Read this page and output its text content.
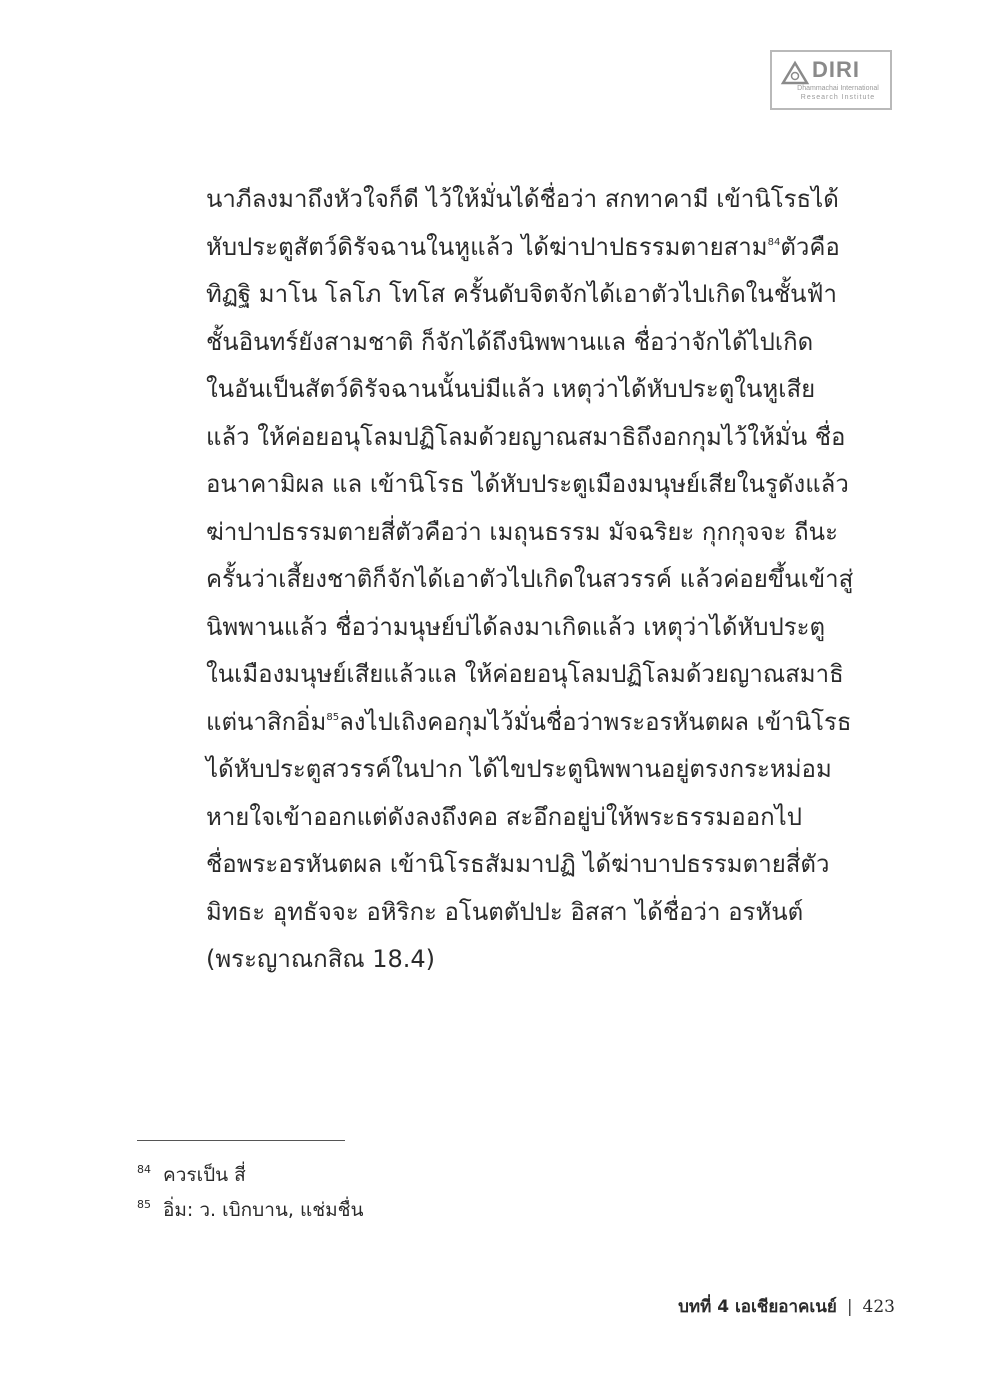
DIRI
Dhammachai International
Research Institute
นาภีลงมาถึงหัวใจก็ดี ไว้ให้มั่นได้ชื่อว่า สกทาคามี เข้านิโรธได้
หับประตูสัตว์ดิรัจฉานในหูแล้ว ได้ฆ่าปาปธรรมตายสาม$^{84}$ตัวคือ
ทิฏฐิ มาโน โลโภ โทโส ครั้นดับจิตจักได้เอาตัวไปเกิดในชั้นฟ้า
ชั้นอินทร์ยังสามชาติ ก็จักได้ถึงนิพพานแล ชื่อว่าจักได้ไปเกิด
ในอันเป็นสัตว์ดิรัจฉานนั้นบ่มีแล้ว เหตุว่าได้หับประตูในหูเสีย
แล้ว ให้ค่อยอนุโลมปฏิโลมด้วยญาณสมาธิถึงอกกุมไว้ให้มั่น ชื่อ
อนาคามิผล แล เข้านิโรธ ได้หับประตูเมืองมนุษย์เสียในรูดังแล้ว
ฆ่าปาปธรรมตายสี่ตัวคือว่า เมถุนธรรม มัจฉริยะ กุกกุจจะ ถีนะ
ครั้นว่าเสี้ยงชาติก็จักได้เอาตัวไปเกิดในสวรรค์ แล้วค่อยขึ้นเข้าสู่
นิพพานแล้ว ชื่อว่ามนุษย์บ่ได้ลงมาเกิดแล้ว เหตุว่าได้หับประตู
ในเมืองมนุษย์เสียแล้วแล ให้ค่อยอนุโลมปฏิโลมด้วยญาณสมาธิ
แต่นาสิกอิ่ม$^{85}$ลงไปเถิงคอกุมไว้มั่นชื่อว่าพระอรหันตผล เข้านิโรธ
ได้หับประตูสวรรค์ในปาก ได้ไขประตูนิพพานอยู่ตรงกระหม่อม
หายใจเข้าออกแต่ดังลงถึงคอ สะอึกอยู่บ่ให้พระธรรมออกไป
ชื่อพระอรหันตผล เข้านิโรธสัมมาปฏิ ได้ฆ่าบาปธรรมตายสี่ตัว
มิทธะ อุทธัจจะ อหิริกะ อโนตตัปปะ อิสสา ได้ชื่อว่า อรหันต์
(พระญาณกสิณ 18.4)
84 ควรเป็น สี่
85 อิ่ม: ว. เบิกบาน, แช่มชื่น
บทที่ 4 เอเชียอาคเนย์ | 423
